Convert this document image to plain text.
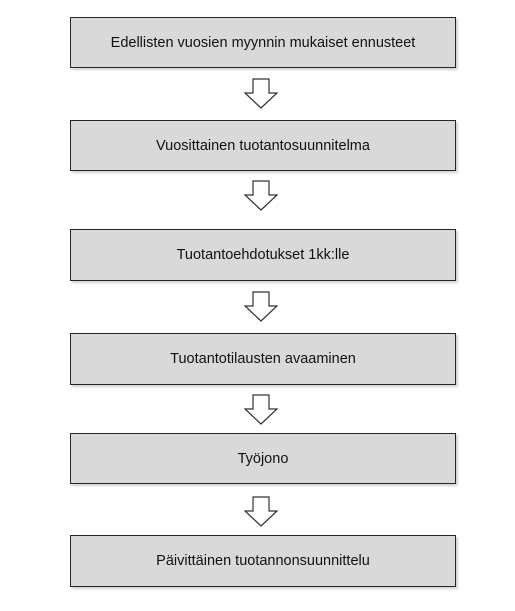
Edellisten vuosien myynnin mukaiset ennusteet
Vuosittainen tuotantosuunnitelma
Tuotantoehdotukset 1kk:lle
Tuotantotilausten avaaminen
Työjono
Päivittäinen tuotannonsuunnittelu
